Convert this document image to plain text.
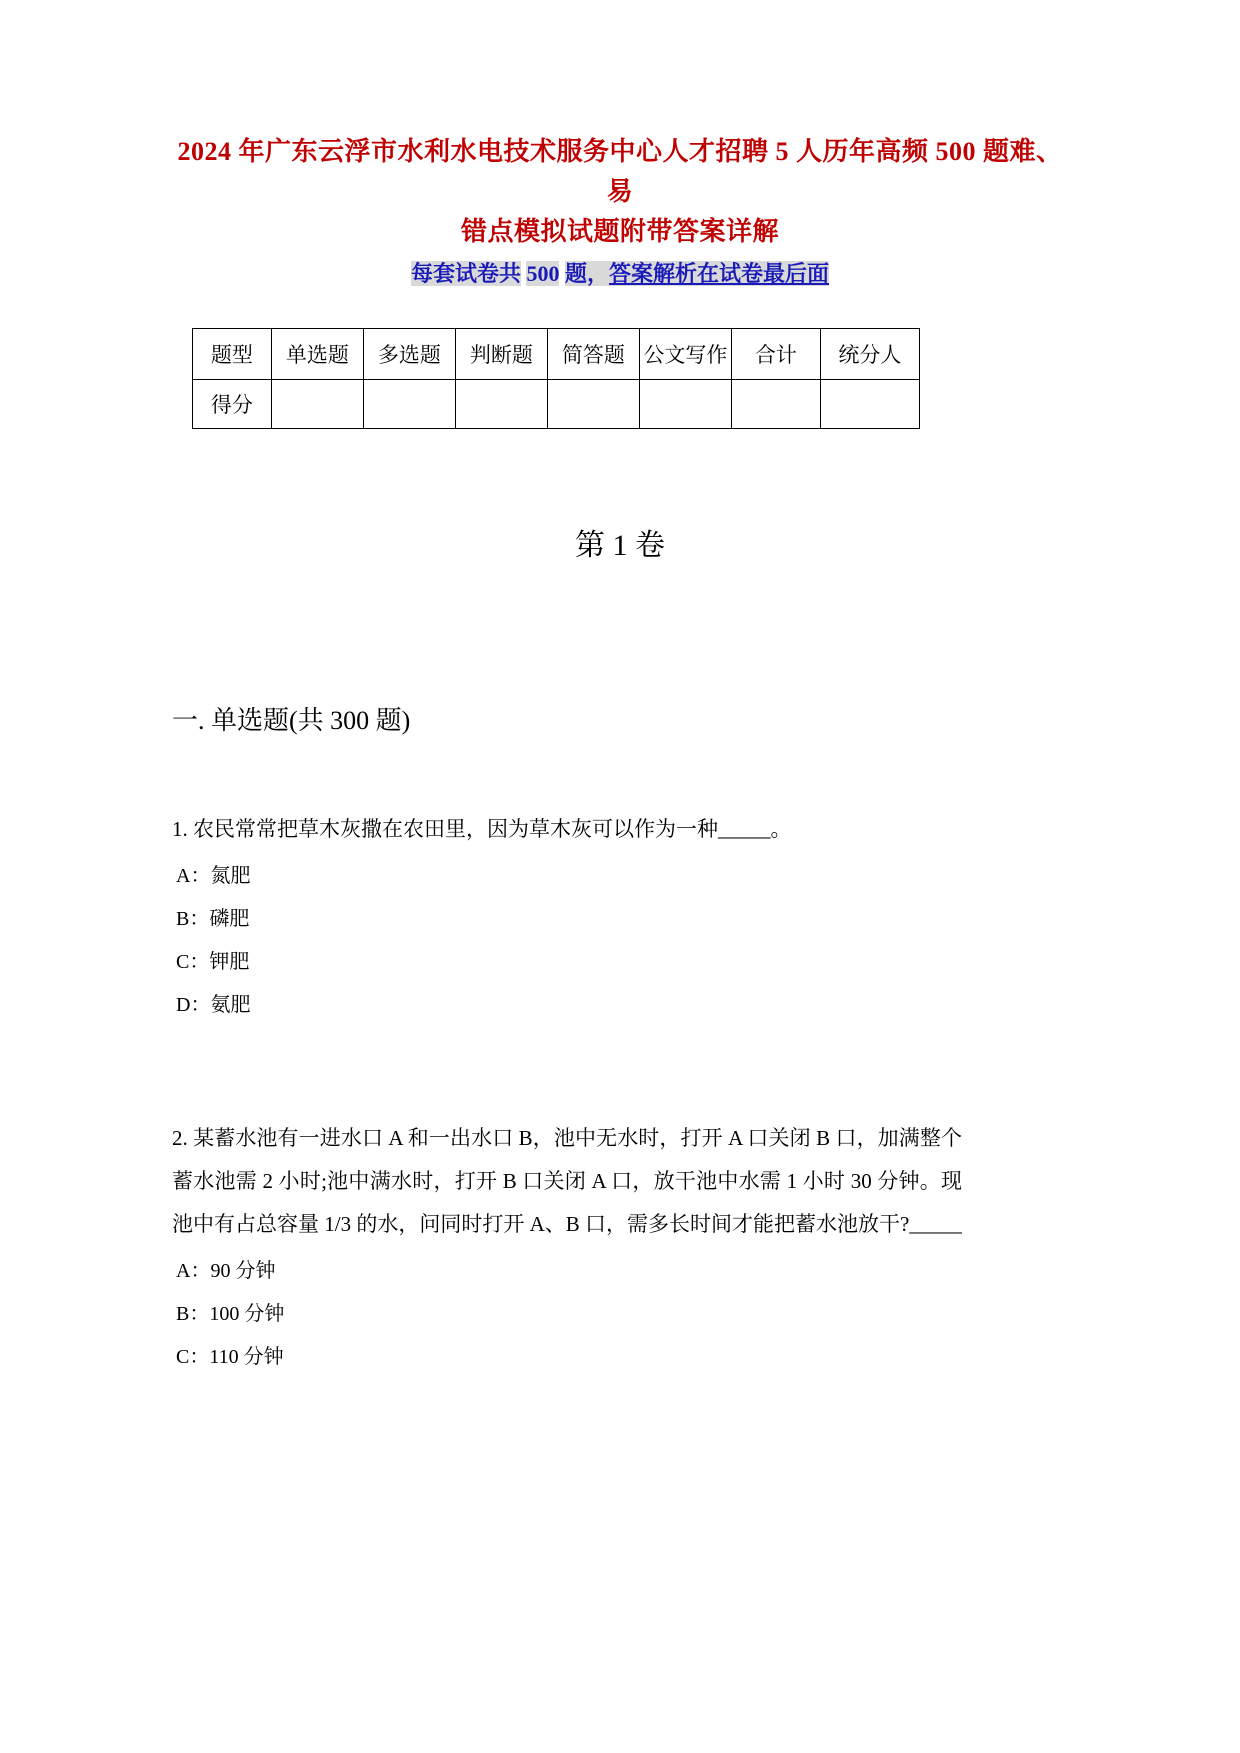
2024 年广东云浮市水利水电技术服务中心人才招聘 5 人历年高频 500 题难、易
错点模拟试题附带答案详解
每套试卷共 500 题，答案解析在试卷最后面
题型	单选题	多选题	判断题	简答题	公文写作	合计	统分人
得分							
第 1 卷
一. 单选题(共 300 题)
1. 农民常常把草木灰撒在农田里，因为草木灰可以作为一种_____。
A：氮肥
B：磷肥
C：钾肥
D：氨肥
2. 某蓄水池有一进水口 A 和一出水口 B，池中无水时，打开 A 口关闭 B 口，加满整个蓄水池需 2 小时;池中满水时，打开 B 口关闭 A 口，放干池中水需 1 小时 30 分钟。现池中有占总容量 1/3 的水，问同时打开 A、B 口，需多长时间才能把蓄水池放干?_____
A：90 分钟
B：100 分钟
C：110 分钟
